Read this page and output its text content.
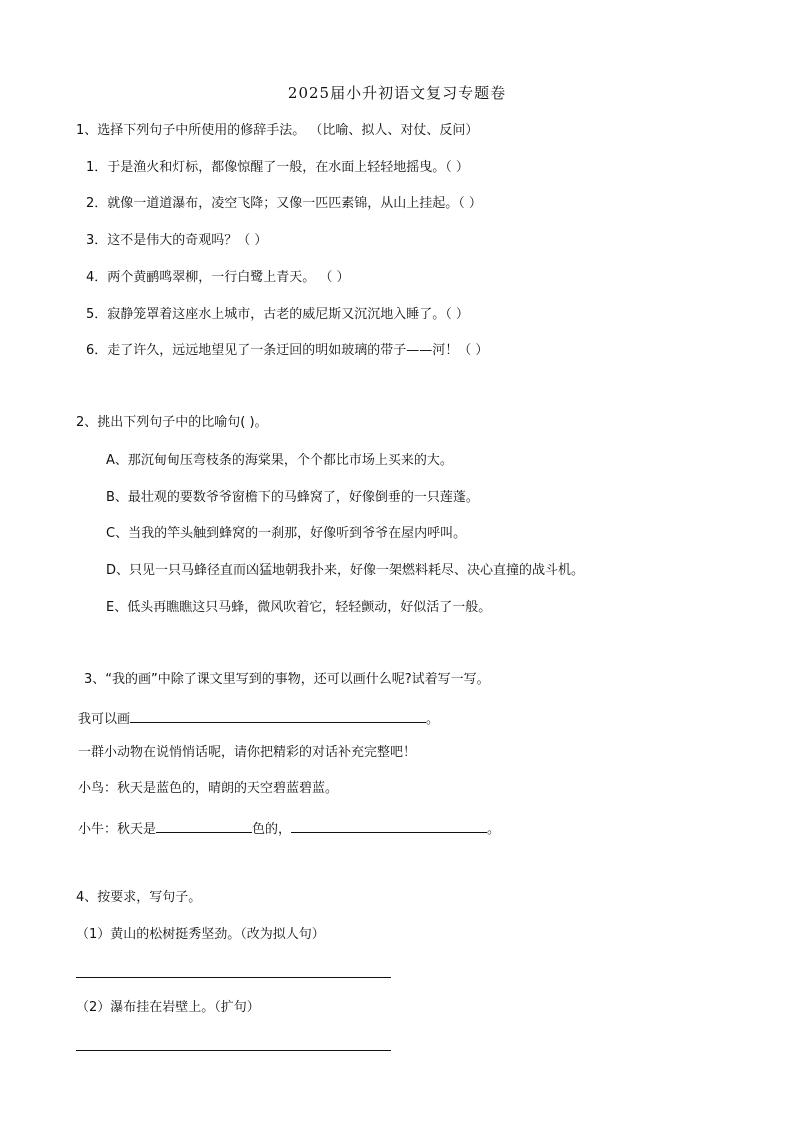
2025届小升初语文复习专题卷
1、选择下列句子中所使用的修辞手法。 （比喻、拟人、对仗、反问）
1．于是渔火和灯标，都像惊醒了一般，在水面上轻轻地摇曳。（ ）
2．就像一道道瀑布，凌空飞降；又像一匹匹素锦，从山上挂起。（ ）
3．这不是伟大的奇观吗？（ ）
4．两个黄鹂鸣翠柳，一行白鹭上青天。 （ ）
5．寂静笼罩着这座水上城市，古老的威尼斯又沉沉地入睡了。（ ）
6．走了许久，远远地望见了一条迂回的明如玻璃的带子——河！（ ）
2、挑出下列句子中的比喻句( )。
A、那沉甸甸压弯枝条的海棠果，个个都比市场上买来的大。
B、最壮观的要数爷爷窗檐下的马蜂窝了，好像倒垂的一只莲蓬。
C、当我的竿头触到蜂窝的一刹那，好像听到爷爷在屋内呼叫。
D、只见一只马蜂径直而凶猛地朝我扑来，好像一架燃料耗尽、决心直撞的战斗机。
E、低头再瞧瞧这只马蜂，微风吹着它，轻轻颤动，好似活了一般。
3、“我的画”中除了课文里写到的事物，还可以画什么呢?试着写一写。
我可以画	。
一群小动物在说悄悄话呢，请你把精彩的对话补充完整吧！
小鸟：秋天是蓝色的，晴朗的天空碧蓝碧蓝。
小牛：秋天是	色的，	。
4、按要求，写句子。
（1）黄山的松树挺秀坚劲。（改为拟人句）
（2）瀑布挂在岩壁上。（扩句）
